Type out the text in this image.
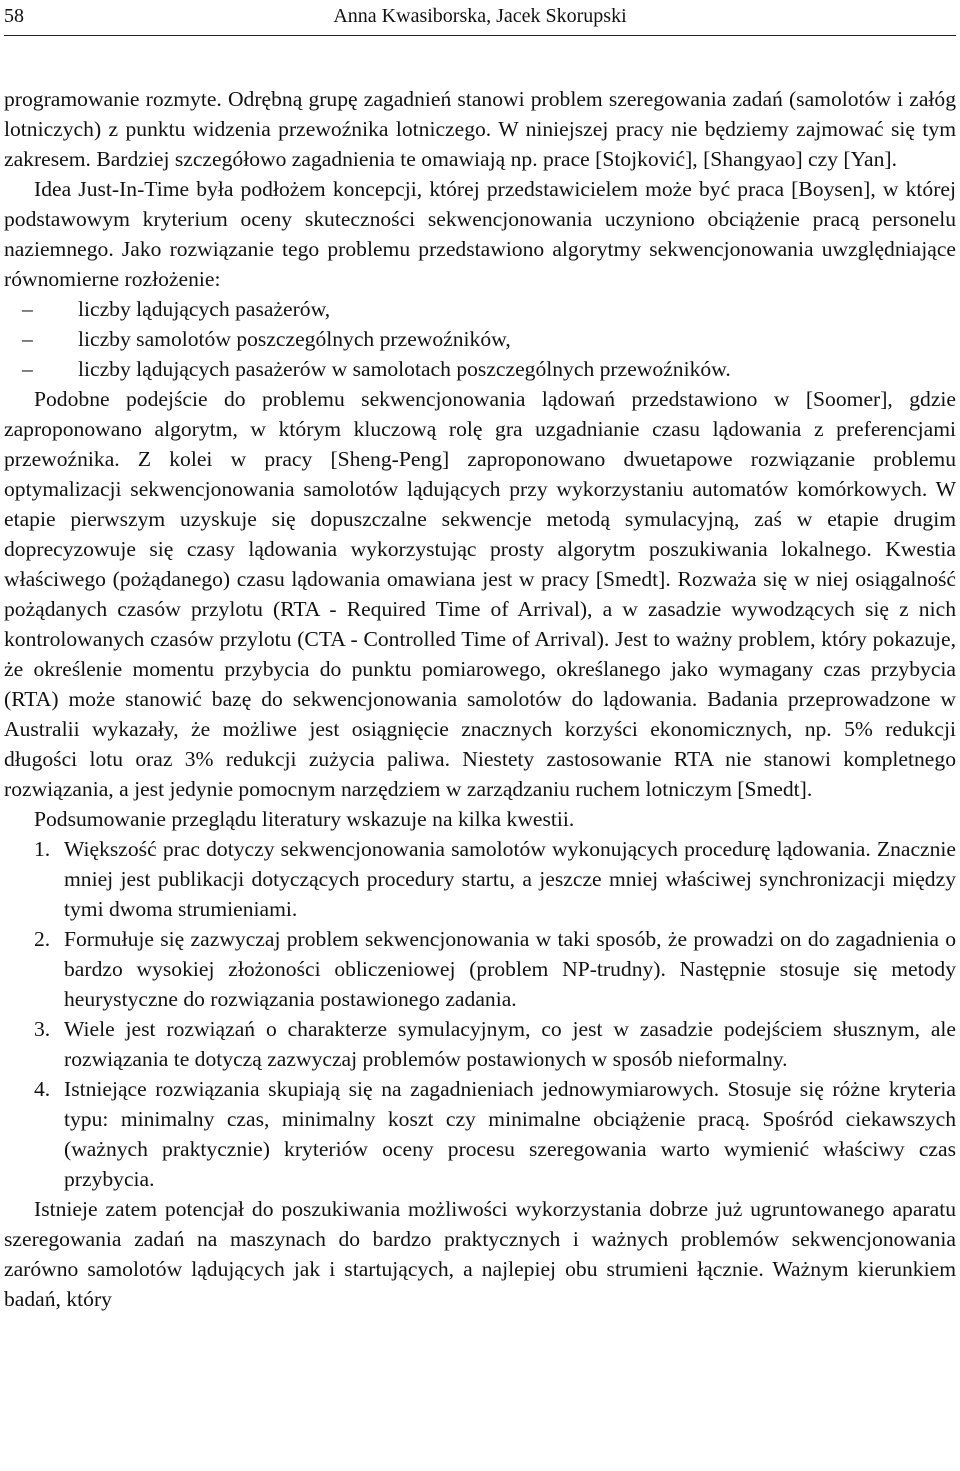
58	Anna Kwasiborska, Jacek Skorupski

programowanie rozmyte. Odrębną grupę zagadnień stanowi problem szeregowania zadań (samolotów i załóg lotniczych) z punktu widzenia przewoźnika lotniczego. W niniejszej pracy nie będziemy zajmować się tym zakresem. Bardziej szczegółowo zagadnienia te omawiają np. prace [Stojković], [Shangyao] czy [Yan].

Idea Just-In-Time była podłożem koncepcji, której przedstawicielem może być praca [Boysen], w której podstawowym kryterium oceny skuteczności sekwencjonowania uczyniono obciążenie pracą personelu naziemnego. Jako rozwiązanie tego problemu przedstawiono algorytmy sekwencjonowania uwzględniające równomierne rozłożenie:

– liczby lądujących pasażerów,
– liczby samolotów poszczególnych przewoźników,
– liczby lądujących pasażerów w samolotach poszczególnych przewoźników.

Podobne podejście do problemu sekwencjonowania lądowań przedstawiono w [Soomer], gdzie zaproponowano algorytm, w którym kluczową rolę gra uzgadnianie czasu lądowania z preferencjami przewoźnika. Z kolei w pracy [Sheng-Peng] zaproponowano dwuetapowe rozwiązanie problemu optymalizacji sekwencjonowania samolotów lądujących przy wykorzystaniu automatów komórkowych. W etapie pierwszym uzyskuje się dopuszczalne sekwencje metodą symulacyjną, zaś w etapie drugim doprecyzowuje się czasy lądowania wykorzystując prosty algorytm poszukiwania lokalnego. Kwestia właściwego (pożądanego) czasu lądowania omawiana jest w pracy [Smedt]. Rozważa się w niej osiągalność pożądanych czasów przylotu (RTA - Required Time of Arrival), a w zasadzie wywodzących się z nich kontrolowanych czasów przylotu (CTA - Controlled Time of Arrival). Jest to ważny problem, który pokazuje, że określenie momentu przybycia do punktu pomiarowego, określanego jako wymagany czas przybycia (RTA) może stanowić bazę do sekwencjonowania samolotów do lądowania. Badania przeprowadzone w Australii wykazały, że możliwe jest osiągnięcie znacznych korzyści ekonomicznych, np. 5% redukcji długości lotu oraz 3% redukcji zużycia paliwa. Niestety zastosowanie RTA nie stanowi kompletnego rozwiązania, a jest jedynie pomocnym narzędziem w zarządzaniu ruchem lotniczym [Smedt].

Podsumowanie przeglądu literatury wskazuje na kilka kwestii.

1. Większość prac dotyczy sekwencjonowania samolotów wykonujących procedurę lądowania. Znacznie mniej jest publikacji dotyczących procedury startu, a jeszcze mniej właściwej synchronizacji między tymi dwoma strumieniami.
2. Formułuje się zazwyczaj problem sekwencjonowania w taki sposób, że prowadzi on do zagadnienia o bardzo wysokiej złożoności obliczeniowej (problem NP-trudny). Następnie stosuje się metody heurystyczne do rozwiązania postawionego zadania.
3. Wiele jest rozwiązań o charakterze symulacyjnym, co jest w zasadzie podejściem słusznym, ale rozwiązania te dotyczą zazwyczaj problemów postawionych w sposób nieformalny.
4. Istniejące rozwiązania skupiają się na zagadnieniach jednowymiarowych. Stosuje się różne kryteria typu: minimalny czas, minimalny koszt czy minimalne obciążenie pracą. Spośród ciekawszych (ważnych praktycznie) kryteriów oceny procesu szeregowania warto wymienić właściwy czas przybycia.

Istnieje zatem potencjał do poszukiwania możliwości wykorzystania dobrze już ugruntowanego aparatu szeregowania zadań na maszynach do bardzo praktycznych i ważnych problemów sekwencjonowania zarówno samolotów lądujących jak i startujących, a najlepiej obu strumieni łącznie. Ważnym kierunkiem badań, który
